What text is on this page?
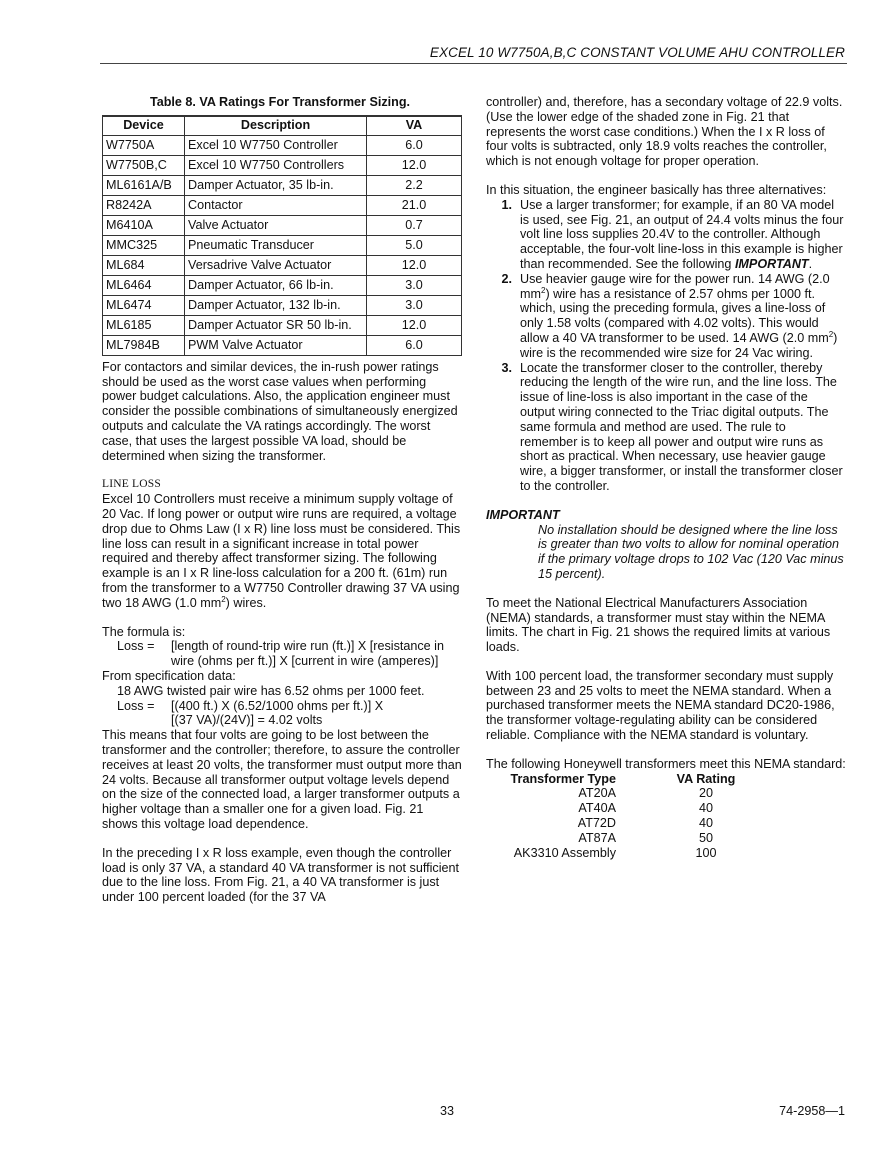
EXCEL 10 W7750A,B,C CONSTANT VOLUME AHU CONTROLLER
Table 8. VA Ratings For Transformer Sizing.
Device	Description	VA
W7750A	Excel 10 W7750 Controller	6.0
W7750B,C	Excel 10 W7750 Controllers	12.0
ML6161A/B	Damper Actuator, 35 lb-in.	2.2
R8242A	Contactor	21.0
M6410A	Valve Actuator	0.7
MMC325	Pneumatic Transducer	5.0
ML684	Versadrive Valve Actuator	12.0
ML6464	Damper Actuator, 66 lb-in.	3.0
ML6474	Damper Actuator, 132 lb-in.	3.0
ML6185	Damper Actuator SR 50 lb-in.	12.0
ML7984B	PWM Valve Actuator	6.0

For contactors and similar devices, the in-rush power ratings should be used as the worst case values when performing power budget calculations. Also, the application engineer must consider the possible combinations of simultaneously energized outputs and calculate the VA ratings accordingly. The worst case, that uses the largest possible VA load, should be determined when sizing the transformer.

LINE LOSS

Excel 10 Controllers must receive a minimum supply voltage of 20 Vac. If long power or output wire runs are required, a voltage drop due to Ohms Law (I x R) line loss must be considered. This line loss can result in a significant increase in total power required and thereby affect transformer sizing. The following example is an I x R line-loss calculation for a 200 ft. (61m) run from the transformer to a W7750 Controller drawing 37 VA using two 18 AWG (1.0 $mm^2$) wires.

The formula is:

Loss =	[length of round-trip wire run (ft.)] X [resistance in

wire (ohms per ft.)] X [current in wire (amperes)]

From specification data:

18 AWG twisted pair wire has 6.52 ohms per 1000 feet.

Loss =	[(400 ft.) X (6.52/1000 ohms per ft.)] X

[(37 VA)/(24V)] = 4.02 volts

This means that four volts are going to be lost between the transformer and the controller; therefore, to assure the controller receives at least 20 volts, the transformer must output more than 24 volts. Because all transformer output voltage levels depend on the size of the connected load, a larger transformer outputs a higher voltage than a smaller one for a given load. Fig. 21 shows this voltage load dependence.

In the preceding I x R loss example, even though the controller load is only 37 VA, a standard 40 VA transformer is not sufficient due to the line loss. From Fig. 21, a 40 VA transformer is just under 100 percent loaded (for the 37 VA

controller) and, therefore, has a secondary voltage of 22.9 volts. (Use the lower edge of the shaded zone in Fig. 21 that represents the worst case conditions.) When the I x R loss of four volts is subtracted, only 18.9 volts reaches the controller, which is not enough voltage for proper operation.

In this situation, the engineer basically has three alternatives:

1. Use a larger transformer; for example, if an 80 VA model is used, see Fig. 21, an output of 24.4 volts minus the four volt line loss supplies 20.4V to the controller. Although acceptable, the four-volt line-loss in this example is higher than recommended. See the following IMPORTANT.
2. Use heavier gauge wire for the power run. 14 AWG (2.0 $mm^2$) wire has a resistance of 2.57 ohms per 1000 ft. which, using the preceding formula, gives a line-loss of only 1.58 volts (compared with 4.02 volts). This would allow a 40 VA transformer to be used. 14 AWG (2.0 $mm^2$) wire is the recommended wire size for 24 Vac wiring.
3. Locate the transformer closer to the controller, thereby reducing the length of the wire run, and the line loss. The issue of line-loss is also important in the case of the output wiring connected to the Triac digital outputs. The same formula and method are used. The rule to remember is to keep all power and output wire runs as short as practical. When necessary, use heavier gauge wire, a bigger transformer, or install the transformer closer to the controller.
IMPORTANT

No installation should be designed where the line loss is greater than two volts to allow for nominal operation if the primary voltage drops to 102 Vac (120 Vac minus 15 percent).

To meet the National Electrical Manufacturers Association (NEMA) standards, a transformer must stay within the NEMA limits. The chart in Fig. 21 shows the required limits at various loads.

With 100 percent load, the transformer secondary must supply between 23 and 25 volts to meet the NEMA standard. When a purchased transformer meets the NEMA standard DC20-1986, the transformer voltage-regulating ability can be considered reliable. Compliance with the NEMA standard is voluntary.

The following Honeywell transformers meet this NEMA standard:

Transformer Type	VA Rating
AT20A	20
AT40A	40
AT72D	40
AT87A	50
AK3310 Assembly	100
33	74-2958—1
